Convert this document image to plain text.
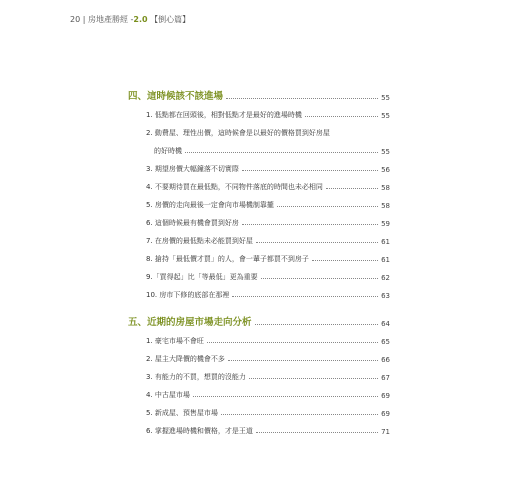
20 | 房地產勝經 -2.0 【倒心篇】
四、這時候該不該進場	55
1. 低點都在回頭後，相對低點才是最好的進場時機	55
2. 動費屋、理性出價，這時候會是以最好的價格買到好房屋
的好時機	55
3. 期望房價大幅鐘落不切實際	56
4. 不要期待買在最低點，不同物件落底的時間也未必相同	58
5. 房價的走向最後一定會向市場機制靠攏	58
6. 這個時候最有機會買到好房	59
7. 在房價的最低點未必能買到好屋	61
8. 搶持「最低價才買」的人，會一輩子都買不到房子	61
9.「買得起」比「等最低」更為重要	62
10. 房市下修的底部在那裡	63
五、近期的房屋市場走向分析	64
1. 豪宅市場不會旺	65
2. 屋主大降價的機會不多	66
3. 有能力的不買，想買的沒能力	67
4. 中古屋市場	69
5. 新成屋、預售屋市場	69
6. 掌握進場時機和價格，才是王道	71
